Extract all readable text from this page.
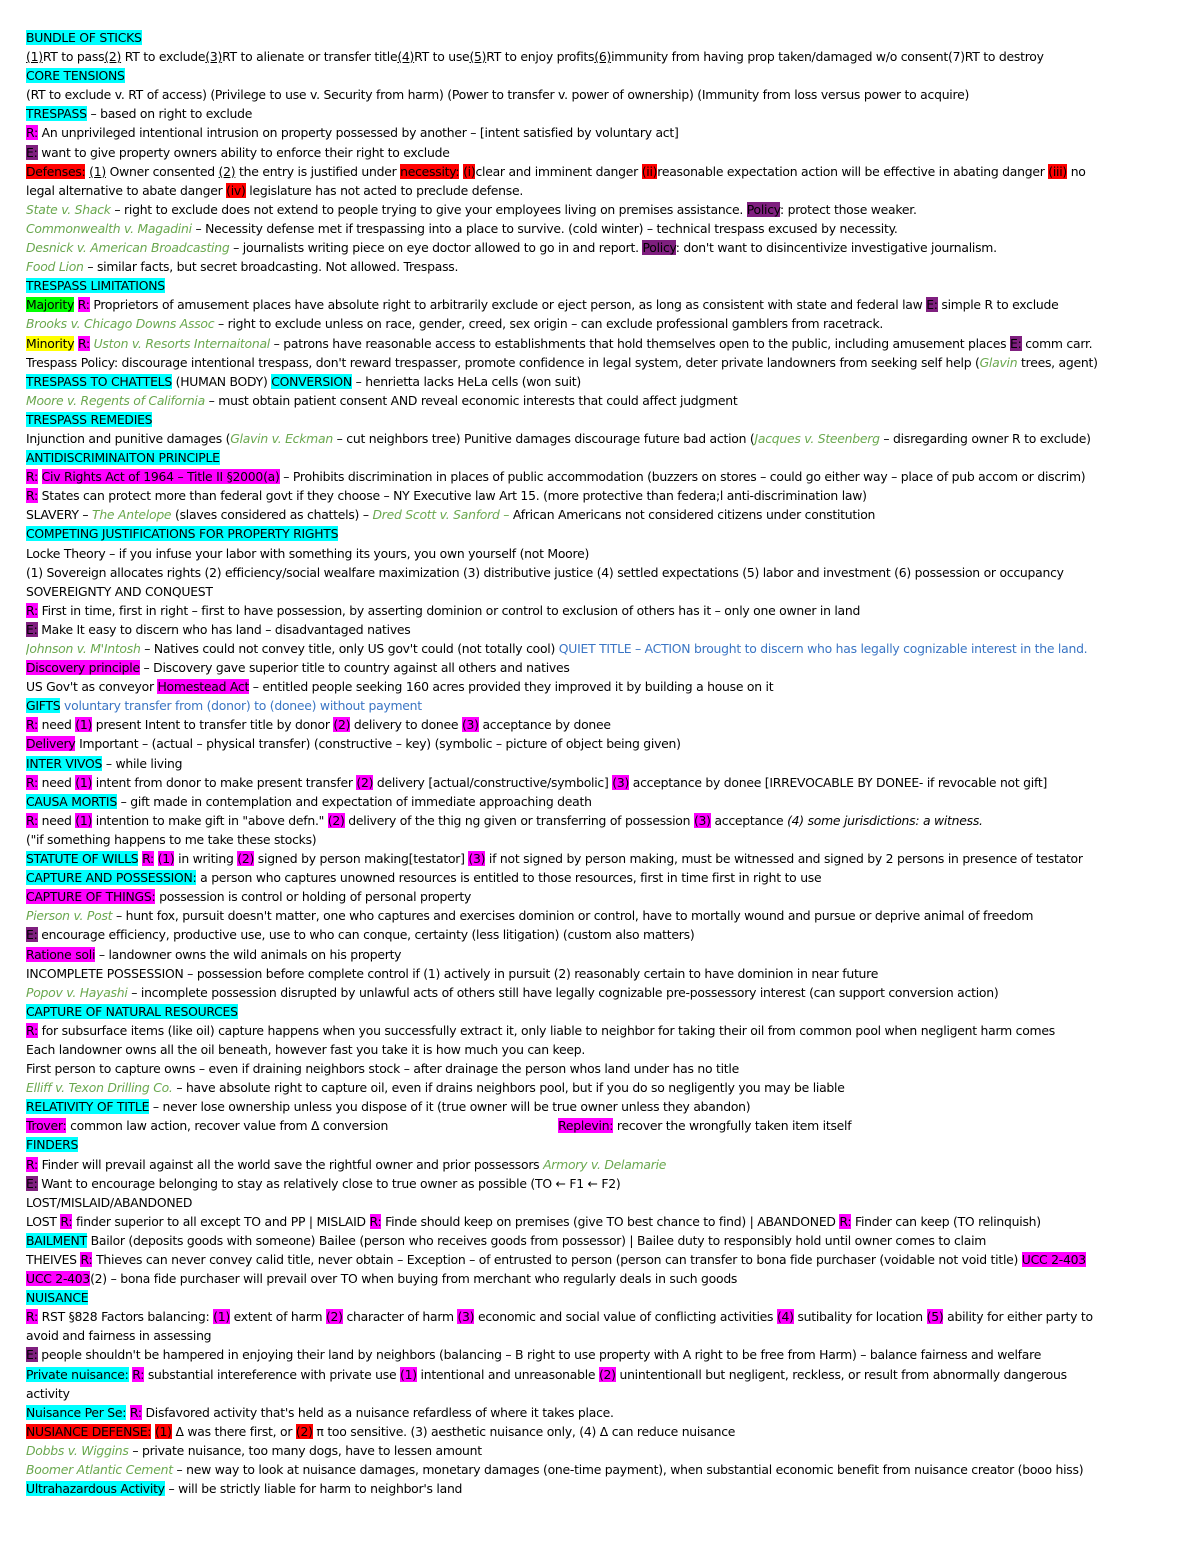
BUNDLE OF STICKS
(1)RT to pass(2) RT to exclude(3)RT to alienate or transfer title(4)RT to use(5)RT to enjoy profits(6)immunity from having prop taken/damaged w/o consent(7)RT to destroy
CORE TENSIONS
(RT to exclude v. RT of access) (Privilege to use v. Security from harm) (Power to transfer v. power of ownership) (Immunity from loss versus power to acquire)
TRESPASS – based on right to exclude
R: An unprivileged intentional intrusion on property possessed by another – [intent satisfied by voluntary act]
E: want to give property owners ability to enforce their right to exclude
Defenses: (1) Owner consented (2) the entry is justified under necessity: (i)clear and imminent danger (ii)reasonable expectation action will be effective in abating danger (iii) no
legal alternative to abate danger (iv) legislature has not acted to preclude defense.
State v. Shack – right to exclude does not extend to people trying to give your employees living on premises assistance. Policy: protect those weaker.
Commonwealth v. Magadini – Necessity defense met if trespassing into a place to survive. (cold winter) – technical trespass excused by necessity.
Desnick v. American Broadcasting – journalists writing piece on eye doctor allowed to go in and report. Policy: don't want to disincentivize investigative journalism.
Food Lion – similar facts, but secret broadcasting. Not allowed. Trespass.
TRESPASS LIMITATIONS
Majority R: Proprietors of amusement places have absolute right to arbitrarily exclude or eject person, as long as consistent with state and federal law E: simple R to exclude
Brooks v. Chicago Downs Assoc – right to exclude unless on race, gender, creed, sex origin – can exclude professional gamblers from racetrack.
Minority R: Uston v. Resorts Internaitonal – patrons have reasonable access to establishments that hold themselves open to the public, including amusement places E: comm carr.
Trespass Policy: discourage intentional trespass, don't reward trespasser, promote confidence in legal system, deter private landowners from seeking self help (Glavin trees, agent)
TRESPASS TO CHATTELS (HUMAN BODY) CONVERSION – henrietta lacks HeLa cells (won suit)
Moore v. Regents of California – must obtain patient consent AND reveal economic interests that could affect judgment
TRESPASS REMEDIES
Injunction and punitive damages (Glavin v. Eckman – cut neighbors tree) Punitive damages discourage future bad action (Jacques v. Steenberg – disregarding owner R to exclude)
ANTIDISCRIMINAITON PRINCIPLE
R: Civ Rights Act of 1964 – Title II §2000(a) – Prohibits discrimination in places of public accommodation (buzzers on stores – could go either way – place of pub accom or discrim)
R: States can protect more than federal govt if they choose – NY Executive law Art 15. (more protective than federa;l anti-discrimination law)
SLAVERY – The Antelope (slaves considered as chattels) – Dred Scott v. Sanford – African Americans not considered citizens under constitution
COMPETING JUSTIFICATIONS FOR PROPERTY RIGHTS
Locke Theory – if you infuse your labor with something its yours, you own yourself (not Moore)
(1) Sovereign allocates rights (2) efficiency/social wealfare maximization (3) distributive justice (4) settled expectations (5) labor and investment (6) possession or occupancy
SOVEREIGNTY AND CONQUEST
R: First in time, first in right – first to have possession, by asserting dominion or control to exclusion of others has it – only one owner in land
E: Make It easy to discern who has land – disadvantaged natives
Johnson v. M'Intosh – Natives could not convey title, only US gov't could (not totally cool) QUIET TITLE – ACTION brought to discern who has legally cognizable interest in the land.
Discovery principle – Discovery gave superior title to country against all others and natives
US Gov't as conveyor Homestead Act – entitled people seeking 160 acres provided they improved it by building a house on it
GIFTS voluntary transfer from (donor) to (donee) without payment
R: need (1) present Intent to transfer title by donor (2) delivery to donee (3) acceptance by donee
Delivery Important – (actual – physical transfer) (constructive – key) (symbolic – picture of object being given)
INTER VIVOS – while living
R: need (1) intent from donor to make present transfer (2) delivery [actual/constructive/symbolic] (3) acceptance by donee [IRREVOCABLE BY DONEE- if revocable not gift]
CAUSA MORTIS – gift made in contemplation and expectation of immediate approaching death
R: need (1) intention to make gift in "above defn." (2) delivery of the thig ng given or transferring of possession (3) acceptance (4) some jurisdictions: a witness.
("if something happens to me take these stocks)
STATUTE OF WILLS R: (1) in writing (2) signed by person making[testator] (3) if not signed by person making, must be witnessed and signed by 2 persons in presence of testator
CAPTURE AND POSSESSION: a person who captures unowned resources is entitled to those resources, first in time first in right to use
CAPTURE OF THINGS: possession is control or holding of personal property
Pierson v. Post – hunt fox, pursuit doesn't matter, one who captures and exercises dominion or control, have to mortally wound and pursue or deprive animal of freedom
E: encourage efficiency, productive use, use to who can conque, certainty (less litigation) (custom also matters)
Ratione soli – landowner owns the wild animals on his property
INCOMPLETE POSSESSION – possession before complete control if (1) actively in pursuit (2) reasonably certain to have dominion in near future
Popov v. Hayashi – incomplete possession disrupted by unlawful acts of others still have legally cognizable pre-possessory interest (can support conversion action)
CAPTURE OF NATURAL RESOURCES
R: for subsurface items (like oil) capture happens when you successfully extract it, only liable to neighbor for taking their oil from common pool when negligent harm comes
Each landowner owns all the oil beneath, however fast you take it is how much you can keep.
First person to capture owns – even if draining neighbors stock – after drainage the person whos land under has no title
Elliff v. Texon Drilling Co. – have absolute right to capture oil, even if drains neighbors pool, but if you do so negligently you may be liable
RELATIVITY OF TITLE – never lose ownership unless you dispose of it (true owner will be true owner unless they abandon)
Trover: common law action, recover value from Δ conversion	Replevin: recover the wrongfully taken item itself
FINDERS
R: Finder will prevail against all the world save the rightful owner and prior possessors Armory v. Delamarie
E: Want to encourage belonging to stay as relatively close to true owner as possible (TO ← F1 ← F2)
LOST/MISLAID/ABANDONED
LOST R: finder superior to all except TO and PP | MISLAID R: Finde should keep on premises (give TO best chance to find) | ABANDONED R: Finder can keep (TO relinquish)
BAILMENT Bailor (deposits goods with someone) Bailee (person who receives goods from possessor) | Bailee duty to responsibly hold until owner comes to claim
THEIVES R: Thieves can never convey calid title, never obtain – Exception – of entrusted to person (person can transfer to bona fide purchaser (voidable not void title) UCC 2-403
UCC 2-403(2) – bona fide purchaser will prevail over TO when buying from merchant who regularly deals in such goods
NUISANCE
R: RST §828 Factors balancing: (1) extent of harm (2) character of harm (3) economic and social value of conflicting activities (4) sutibality for location (5) ability for either party to
avoid and fairness in assessing
E: people shouldn't be hampered in enjoying their land by neighbors (balancing – B right to use property with A right to be free from Harm) – balance fairness and welfare
Private nuisance: R: substantial intereference with private use (1) intentional and unreasonable (2) unintentionall but negligent, reckless, or result from abnormally dangerous
activity
Nuisance Per Se: R: Disfavored activity that's held as a nuisance refardless of where it takes place.
NUSIANCE DEFENSE: (1) Δ was there first, or (2) π too sensitive. (3) aesthetic nuisance only, (4) Δ can reduce nuisance
Dobbs v. Wiggins – private nuisance, too many dogs, have to lessen amount
Boomer Atlantic Cement – new way to look at nuisance damages, monetary damages (one-time payment), when substantial economic benefit from nuisance creator (booo hiss)
Ultrahazardous Activity – will be strictly liable for harm to neighbor's land
